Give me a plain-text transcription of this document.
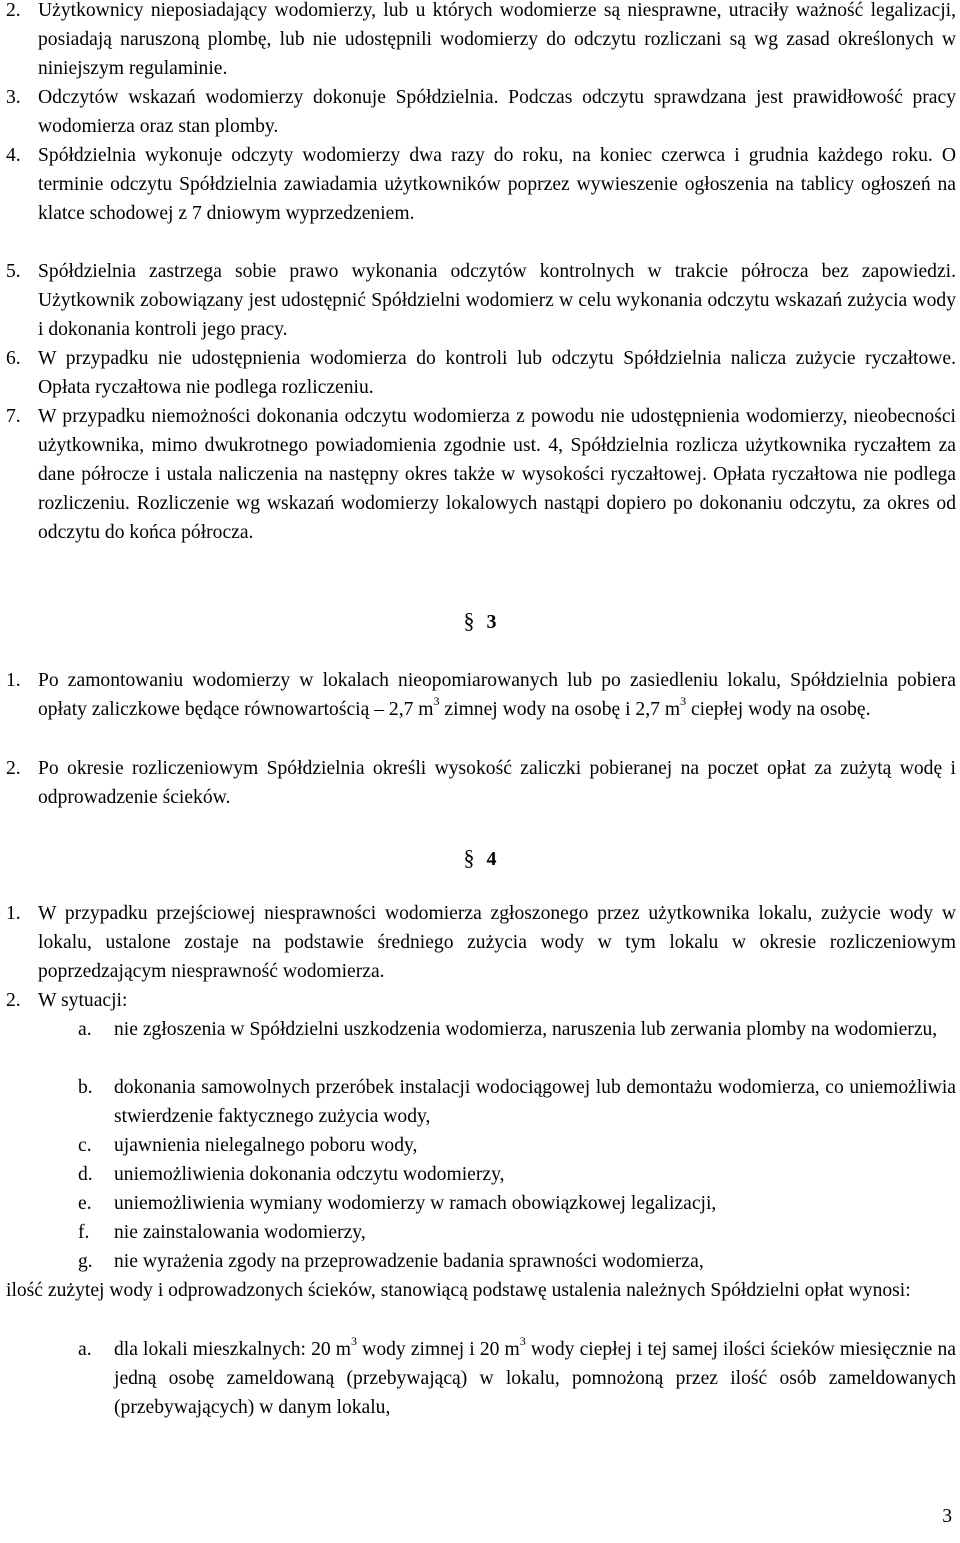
2. Użytkownicy nieposiadający wodomierzy, lub u których wodomierze są niesprawne, utraciły ważność legalizacji, posiadają naruszoną plombę, lub nie udostępnili wodomierzy do odczytu rozliczani są wg zasad określonych w niniejszym regulaminie.
3. Odczytów wskazań wodomierzy dokonuje Spółdzielnia. Podczas odczytu sprawdzana jest prawidłowość pracy wodomierza oraz stan plomby.
4. Spółdzielnia wykonuje odczyty wodomierzy dwa razy do roku, na koniec czerwca i grudnia każdego roku. O terminie odczytu Spółdzielnia zawiadamia użytkowników poprzez wywieszenie ogłoszenia na tablicy ogłoszeń na klatce schodowej z 7 dniowym wyprzedzeniem.
5. Spółdzielnia zastrzega sobie prawo wykonania odczytów kontrolnych w trakcie półrocza bez zapowiedzi. Użytkownik zobowiązany jest udostępnić Spółdzielni wodomierz w celu wykonania odczytu wskazań zużycia wody i dokonania kontroli jego pracy.
6. W przypadku nie udostępnienia wodomierza do kontroli lub odczytu Spółdzielnia nalicza zużycie ryczałtowe. Opłata ryczałtowa nie podlega rozliczeniu.
7. W przypadku niemożności dokonania odczytu wodomierza z powodu nie udostępnienia wodomierzy, nieobecności użytkownika, mimo dwukrotnego powiadomienia zgodnie ust. 4, Spółdzielnia rozlicza użytkownika ryczałtem za dane półrocze i ustala naliczenia na następny okres także w wysokości ryczałtowej. Opłata ryczałtowa nie podlega rozliczeniu. Rozliczenie wg wskazań wodomierzy lokalowych nastąpi dopiero po dokonaniu odczytu, za okres od odczytu do końca półrocza.
§ 3
1. Po zamontowaniu wodomierzy w lokalach nieopomiarowanych lub po zasiedleniu lokalu, Spółdzielnia pobiera opłaty zaliczkowe będące równowartością – 2,7 $m^3$ zimnej wody na osobę i 2,7 $m^3$ ciepłej wody na osobę.
2. Po okresie rozliczeniowym Spółdzielnia określi wysokość zaliczki pobieranej na poczet opłat za zużytą wodę i odprowadzenie ścieków.
§ 4
1. W przypadku przejściowej niesprawności wodomierza zgłoszonego przez użytkownika lokalu, zużycie wody w lokalu, ustalone zostaje na podstawie średniego zużycia wody w tym lokalu w okresie rozliczeniowym poprzedzającym niesprawność wodomierza.
2. W sytuacji:
a. nie zgłoszenia w Spółdzielni uszkodzenia wodomierza, naruszenia lub zerwania plomby na wodomierzu,
b. dokonania samowolnych przeróbek instalacji wodociągowej lub demontażu wodomierza, co uniemożliwia stwierdzenie faktycznego zużycia wody,
c. ujawnienia nielegalnego poboru wody,
d. uniemożliwienia dokonania odczytu wodomierzy,
e. uniemożliwienia wymiany wodomierzy w ramach obowiązkowej legalizacji,
f. nie zainstalowania wodomierzy,
g. nie wyrażenia zgody na przeprowadzenie badania sprawności wodomierza,
ilość zużytej wody i odprowadzonych ścieków, stanowiącą podstawę ustalenia należnych Spółdzielni opłat wynosi:
a. dla lokali mieszkalnych: 20 $m^3$ wody zimnej i 20 $m^3$ wody ciepłej i tej samej ilości ścieków miesięcznie na jedną osobę zameldowaną (przebywającą) w lokalu, pomnożoną przez ilość osób zameldowanych (przebywających) w danym lokalu,
3
